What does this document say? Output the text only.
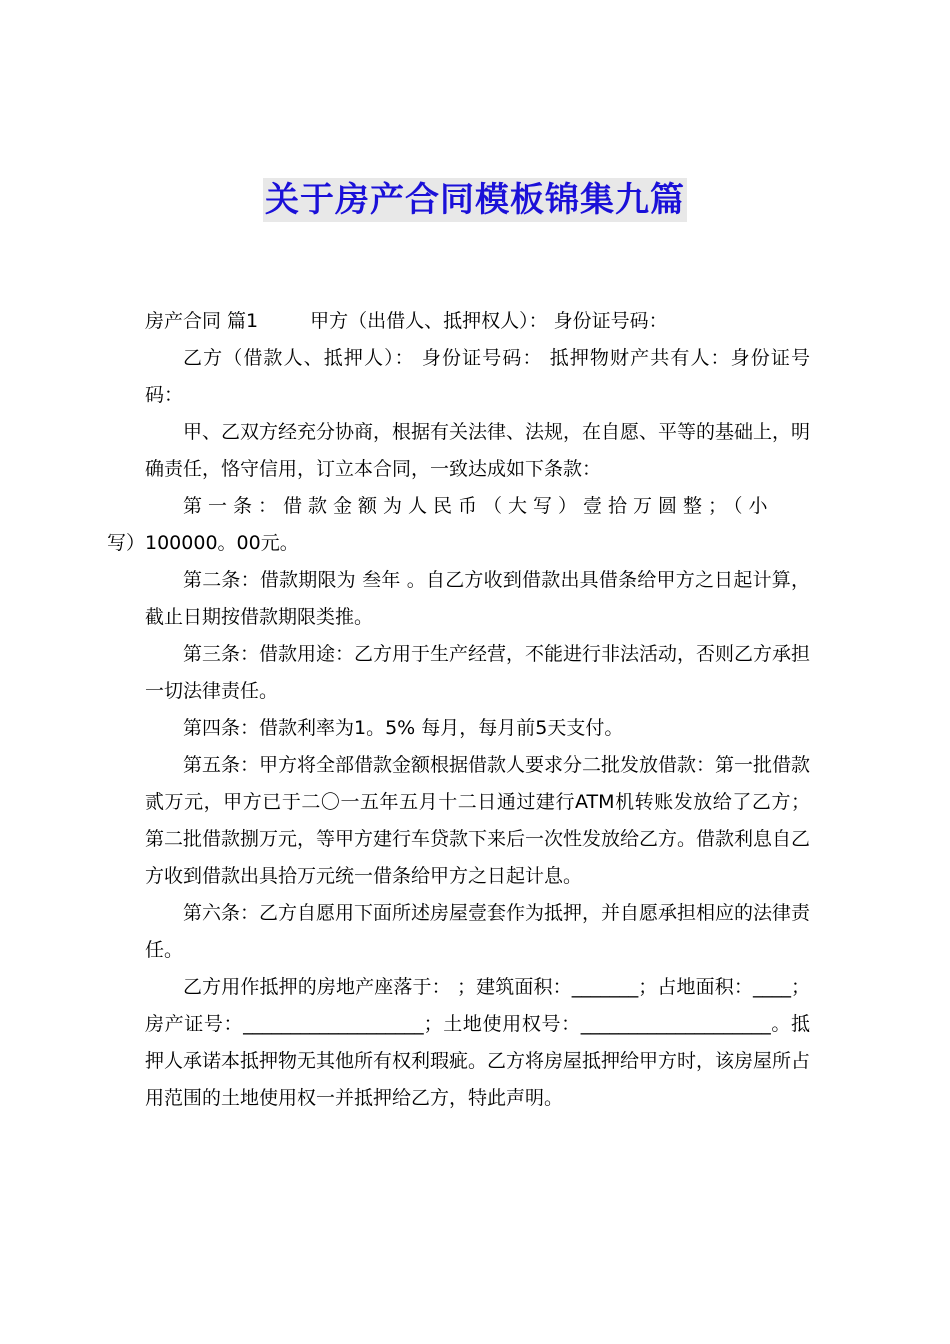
关于房产合同模板锦集九篇

房产合同 篇1	甲方（出借人、抵押权人）： 身份证号码：

乙方（借款人、抵押人）： 身份证号码： 抵押物财产共有人：身份证号码：

甲、乙双方经充分协商，根据有关法律、法规，在自愿、平等的基础上，明确责任，恪守信用，订立本合同，一致达成如下条款：

第一条：借款金额为人民币（大写）壹拾万圆整；（小
写）100000。00元。

第二条：借款期限为 叁年 。自乙方收到借款出具借条给甲方之日起计算，截止日期按借款期限类推。

第三条：借款用途：乙方用于生产经营，不能进行非法活动，否则乙方承担一切法律责任。

第四条：借款利率为1。5% 每月，每月前5天支付。

第五条：甲方将全部借款金额根据借款人要求分二批发放借款：第一批借款贰万元，甲方已于二〇一五年五月十二日通过建行ATM机转账发放给了乙方；第二批借款捌万元，等甲方建行车贷款下来后一次性发放给乙方。借款利息自乙方收到借款出具拾万元统一借条给甲方之日起计息。

第六条：乙方自愿用下面所述房屋壹套作为抵押，并自愿承担相应的法律责任。

乙方用作抵押的房地产座落于： ；建筑面积：_______；占地面积：____；房产证号：___________________；土地使用权号：____________________。抵押人承诺本抵押物无其他所有权利瑕疵。乙方将房屋抵押给甲方时，该房屋所占用范围的土地使用权一并抵押给乙方，特此声明。
